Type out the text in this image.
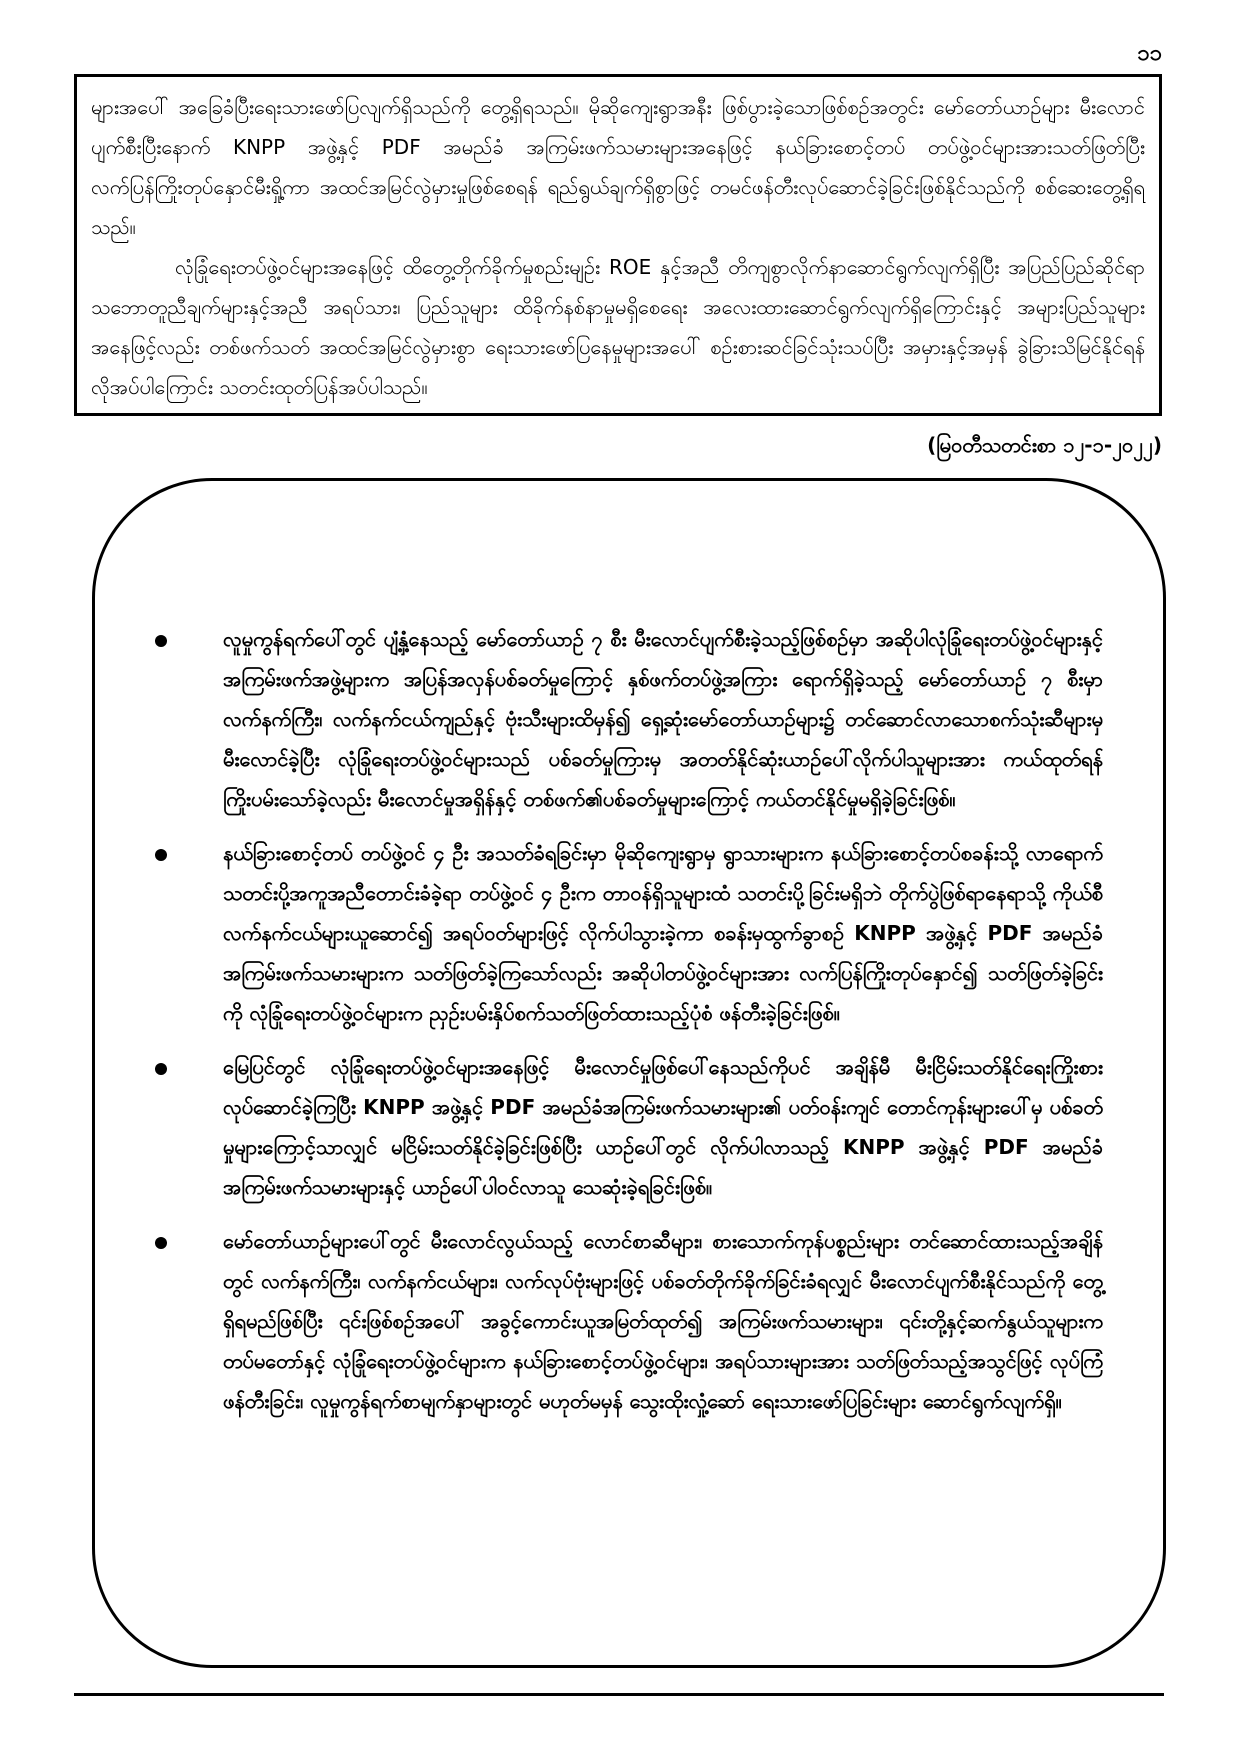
၁၁

များအပေါ် အခြေခံပြီးရေးသားဖော်ပြလျက်ရှိသည်ကို တွေ့ရှိရသည်။ မိုဆိုကျေးရွာအနီး ဖြစ်ပွားခဲ့သောဖြစ်စဉ်အတွင်း မော်တော်ယာဉ်များ မီးလောင်ပျက်စီးပြီးနောက် KNPP အဖွဲ့နှင့် PDF အမည်ခံ အကြမ်းဖက်သမားများအနေဖြင့် နယ်ခြားစောင့်တပ် တပ်ဖွဲ့ဝင်များအားသတ်ဖြတ်ပြီး လက်ပြန်ကြိုးတုပ်နှောင်မီးရှို့ကာ အထင်အမြင်လွဲမှားမှုဖြစ်စေရန် ရည်ရွယ်ချက်ရှိစွာဖြင့် တမင်ဖန်တီးလုပ်ဆောင်ခဲ့ခြင်းဖြစ်နိုင်သည်ကို စစ်ဆေးတွေ့ရှိရသည်။

လုံခြုံရေးတပ်ဖွဲ့ဝင်များအနေဖြင့် ထိတွေ့တိုက်ခိုက်မှုစည်းမျဉ်း ROE နှင့်အညီ တိကျစွာလိုက်နာဆောင်ရွက်လျက်ရှိပြီး အပြည်ပြည်ဆိုင်ရာ သဘောတူညီချက်များနှင့်အညီ အရပ်သား၊ ပြည်သူများ ထိခိုက်နစ်နာမှုမရှိစေရေး အလေးထားဆောင်ရွက်လျက်ရှိကြောင်းနှင့် အများပြည်သူများအနေဖြင့်လည်း တစ်ဖက်သတ် အထင်အမြင်လွဲမှားစွာ ရေးသားဖော်ပြနေမှုများအပေါ် စဉ်းစားဆင်ခြင်သုံးသပ်ပြီး အမှားနှင့်အမှန် ခွဲခြားသိမြင်နိုင်ရန် လိုအပ်ပါကြောင်း သတင်းထုတ်ပြန်အပ်ပါသည်။

(မြဝတီသတင်းစာ ၁၂-၁-၂၀၂၂)
လူမှုကွန်ရက်ပေါ်တွင် ပျံ့နှံ့နေသည့် မော်တော်ယာဉ် ၇ စီး မီးလောင်ပျက်စီးခဲ့သည့်ဖြစ်စဉ်မှာ အဆိုပါလုံခြုံရေးတပ်ဖွဲ့ဝင်များနှင့် အကြမ်းဖက်အဖွဲ့များက အပြန်အလှန်ပစ်ခတ်မှုကြောင့် နှစ်ဖက်တပ်ဖွဲ့အကြား ရောက်ရှိခဲ့သည့် မော်တော်ယာဉ် ၇ စီးမှာ လက်နက်ကြီး၊ လက်နက်ငယ်ကျည်နှင့် ဗုံးသီးများထိမှန်၍ ရှေ့ဆုံးမော်တော်ယာဉ်များ၌ တင်ဆောင်လာသောစက်သုံးဆီများမှ မီးလောင်ခဲ့ပြီး လုံခြုံရေးတပ်ဖွဲ့ဝင်များသည် ပစ်ခတ်မှုကြားမှ အတတ်နိုင်ဆုံးယာဉ်ပေါ်လိုက်ပါသူများအား ကယ်ထုတ်ရန် ကြိုးပမ်းသော်ခဲ့လည်း မီးလောင်မှုအရှိန်နှင့် တစ်ဖက်၏ပစ်ခတ်မှုများကြောင့် ကယ်တင်နိုင်မှုမရှိခဲ့ခြင်းဖြစ်။
နယ်ခြားစောင့်တပ် တပ်ဖွဲ့ဝင် ၄ ဦး အသတ်ခံရခြင်းမှာ မိုဆိုကျေးရွာမှ ရွာသားများက နယ်ခြားစောင့်တပ်စခန်းသို့ လာရောက်သတင်းပို့အကူအညီတောင်းခံခဲ့ရာ တပ်ဖွဲ့ဝင် ၄ ဦးက တာဝန်ရှိသူများထံ သတင်းပို့ခြင်းမရှိဘဲ တိုက်ပွဲဖြစ်ရာနေရာသို့ ကိုယ်စီလက်နက်ငယ်များယူဆောင်၍ အရပ်ဝတ်များဖြင့် လိုက်ပါသွားခဲ့ကာ စခန်းမှထွက်ခွာစဉ် KNPP အဖွဲ့နှင့် PDF အမည်ခံ အကြမ်းဖက်သမားများက သတ်ဖြတ်ခဲ့ကြသော်လည်း အဆိုပါတပ်ဖွဲ့ဝင်များအား လက်ပြန်ကြိုးတုပ်နှောင်၍ သတ်ဖြတ်ခဲ့ခြင်းကို လုံခြုံရေးတပ်ဖွဲ့ဝင်များက ညှဉ်းပမ်းနှိပ်စက်သတ်ဖြတ်ထားသည့်ပုံစံ ဖန်တီးခဲ့ခြင်းဖြစ်။
မြေပြင်တွင် လုံခြုံရေးတပ်ဖွဲ့ဝင်များအနေဖြင့် မီးလောင်မှုဖြစ်ပေါ်နေသည်ကိုပင် အချိန်မီ မီးငြိမ်းသတ်နိုင်ရေးကြိုးစားလုပ်ဆောင်ခဲ့ကြပြီး KNPP အဖွဲ့နှင့် PDF အမည်ခံအကြမ်းဖက်သမားများ၏ ပတ်ဝန်းကျင် တောင်ကုန်းများပေါ်မှ ပစ်ခတ်မှုများကြောင့်သာလျှင် မငြိမ်းသတ်နိုင်ခဲ့ခြင်းဖြစ်ပြီး ယာဉ်ပေါ်တွင် လိုက်ပါလာသည့် KNPP အဖွဲ့နှင့် PDF အမည်ခံအကြမ်းဖက်သမားများနှင့် ယာဉ်ပေါ်ပါဝင်လာသူ သေဆုံးခဲ့ရခြင်းဖြစ်။
မော်တော်ယာဉ်များပေါ်တွင် မီးလောင်လွယ်သည့် လောင်စာဆီများ၊ စားသောက်ကုန်ပစ္စည်းများ တင်ဆောင်ထားသည့်အချိန်တွင် လက်နက်ကြီး၊ လက်နက်ငယ်များ၊ လက်လုပ်ဗုံးများဖြင့် ပစ်ခတ်တိုက်ခိုက်ခြင်းခံရလျှင် မီးလောင်ပျက်စီးနိုင်သည်ကို တွေ့ရှိရမည်ဖြစ်ပြီး ၎င်းဖြစ်စဉ်အပေါ် အခွင့်ကောင်းယူအမြတ်ထုတ်၍ အကြမ်းဖက်သမားများ၊ ၎င်းတို့နှင့်ဆက်နွယ်သူများက တပ်မတော်နှင့် လုံခြုံရေးတပ်ဖွဲ့ဝင်များက နယ်ခြားစောင့်တပ်ဖွဲ့ဝင်များ၊ အရပ်သားများအား သတ်ဖြတ်သည့်အသွင်ဖြင့် လုပ်ကြံဖန်တီးခြင်း၊ လူမှုကွန်ရက်စာမျက်နှာများတွင် မဟုတ်မမှန် သွေးထိုးလှုံ့ဆော် ရေးသားဖော်ပြခြင်းများ ဆောင်ရွက်လျက်ရှိ။
